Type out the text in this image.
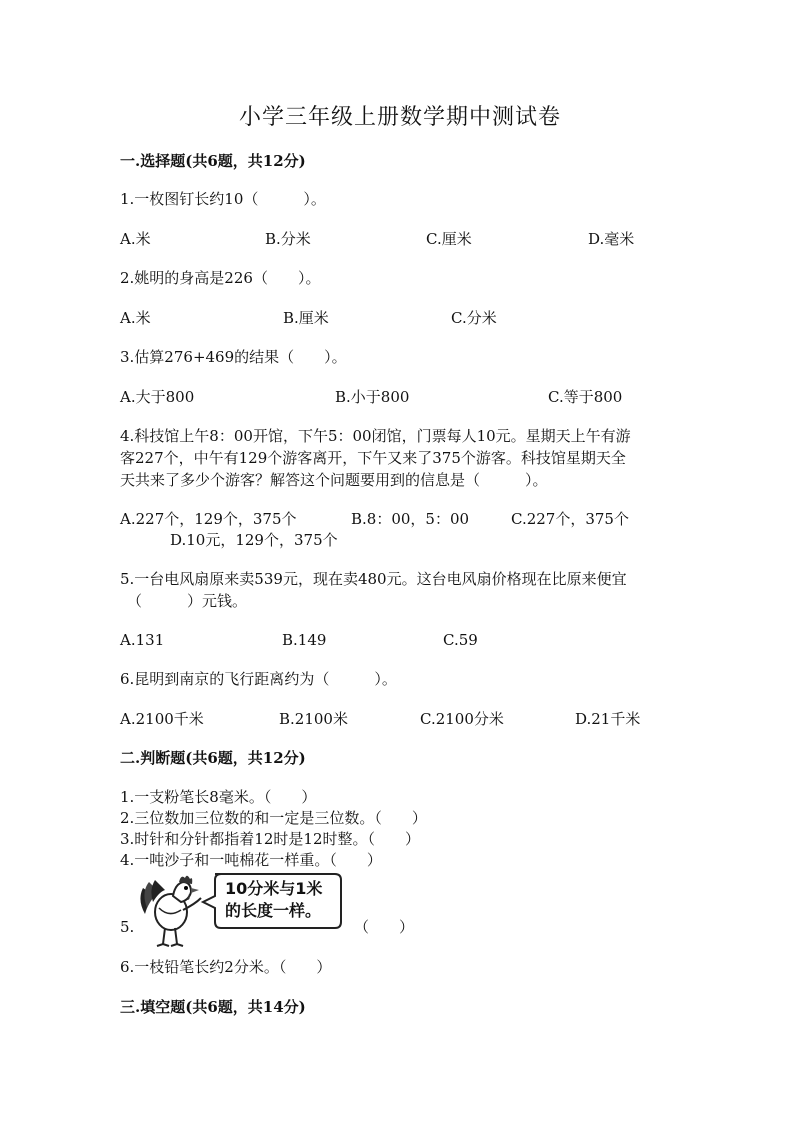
小学三年级上册数学期中测试卷
一.选择题(共6题，共12分)
1.一枚图钉长约10（　　　）。
A.米	B.分米	C.厘米	D.毫米
2.姚明的身高是226（　　）。
A.米	B.厘米	C.分米
3.估算276+469的结果（　　）。
A.大于800	B.小于800	C.等于800
4.科技馆上午8：00开馆，下午5：00闭馆，门票每人10元。星期天上午有游
客227个，中午有129个游客离开，下午又来了375个游客。科技馆星期天全
天共来了多少个游客？解答这个问题要用到的信息是（　　　）。
A.227个，129个，375个	B.8：00，5：00	C.227个，375个
D.10元，129个，375个
5.一台电风扇原来卖539元，现在卖480元。这台电风扇价格现在比原来便宜
（　　　）元钱。
A.131	B.149	C.59
6.昆明到南京的飞行距离约为（　　　）。
A.2100千米	B.2100米	C.2100分米	D.21千米
二.判断题(共6题，共12分)
1.一支粉笔长8毫米。（　　）
2.三位数加三位数的和一定是三位数。（　　）
3.时针和分针都指着12时是12时整。（　　）
4.一吨沙子和一吨棉花一样重。（　　）
5.
10分米与1米
的长度一样。
（　　）
6.一枝铅笔长约2分米。（　　）
三.填空题(共6题，共14分)
